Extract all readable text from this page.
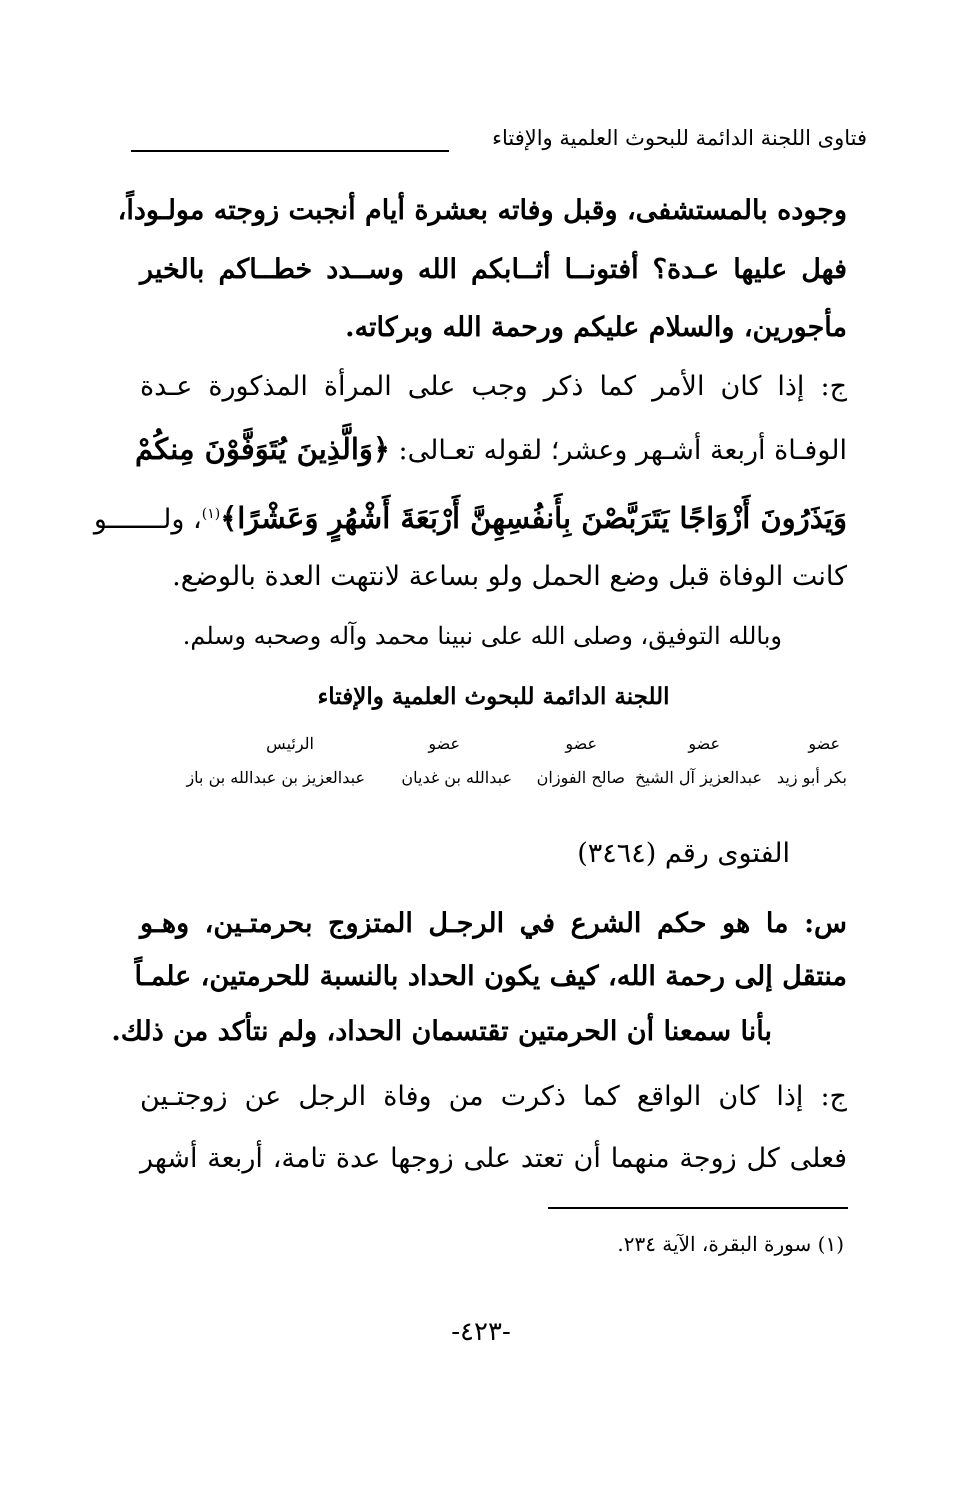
فتاوى اللجنة الدائمة للبحوث العلمية والإفتاء
وجوده بالمستشفى، وقبل وفاته بعشرة أيام أنجبت زوجته مولـوداً،
فهل عليها عـدة؟ أفتونــا أثــابكم الله وســدد خطــاكم بالخير
مأجورين، والسلام عليكم ورحمة الله وبركاته.
ج: إذا كان الأمر كما ذكر وجب على المرأة المذكورة عـدة
الوفـاة أربعة أشـهر وعشر؛ لقوله تعـالى: ﴿وَالَّذِينَ يُتَوَفَّوْنَ مِنكُمْ
وَيَذَرُونَ أَزْوَاجًا يَتَرَبَّصْنَ بِأَنفُسِهِنَّ أَرْبَعَةَ أَشْهُرٍ وَعَشْرًا﴾$^{(١)}$، ولـــــــو
كانت الوفاة قبل وضع الحمل ولو بساعة لانتهت العدة بالوضع.
وبالله التوفيق، وصلى الله على نبينا محمد وآله وصحبه وسلم.
اللجنة الدائمة للبحوث العلمية والإفتاء
عضو
عضو
عضو
عضو
الرئيس
بكر أبو زيد
عبدالعزيز آل الشيخ
صالح الفوزان
عبدالله بن غديان
عبدالعزيز بن عبدالله بن باز
الفتوى رقم (٣٤٦٤)
س: ما هو حكم الشرع في الرجـل المتزوج بحرمتـين، وهـو
منتقل إلى رحمة الله، كيف يكون الحداد بالنسبة للحرمتين، علمـاً
بأنا سمعنا أن الحرمتين تقتسمان الحداد، ولم نتأكد من ذلك.
ج: إذا كان الواقع كما ذكرت من وفاة الرجل عن زوجتـين
فعلى كل زوجة منهما أن تعتد على زوجها عدة تامة، أربعة أشهر
(١) سورة البقرة، الآية ٢٣٤.
-٤٢٣-
